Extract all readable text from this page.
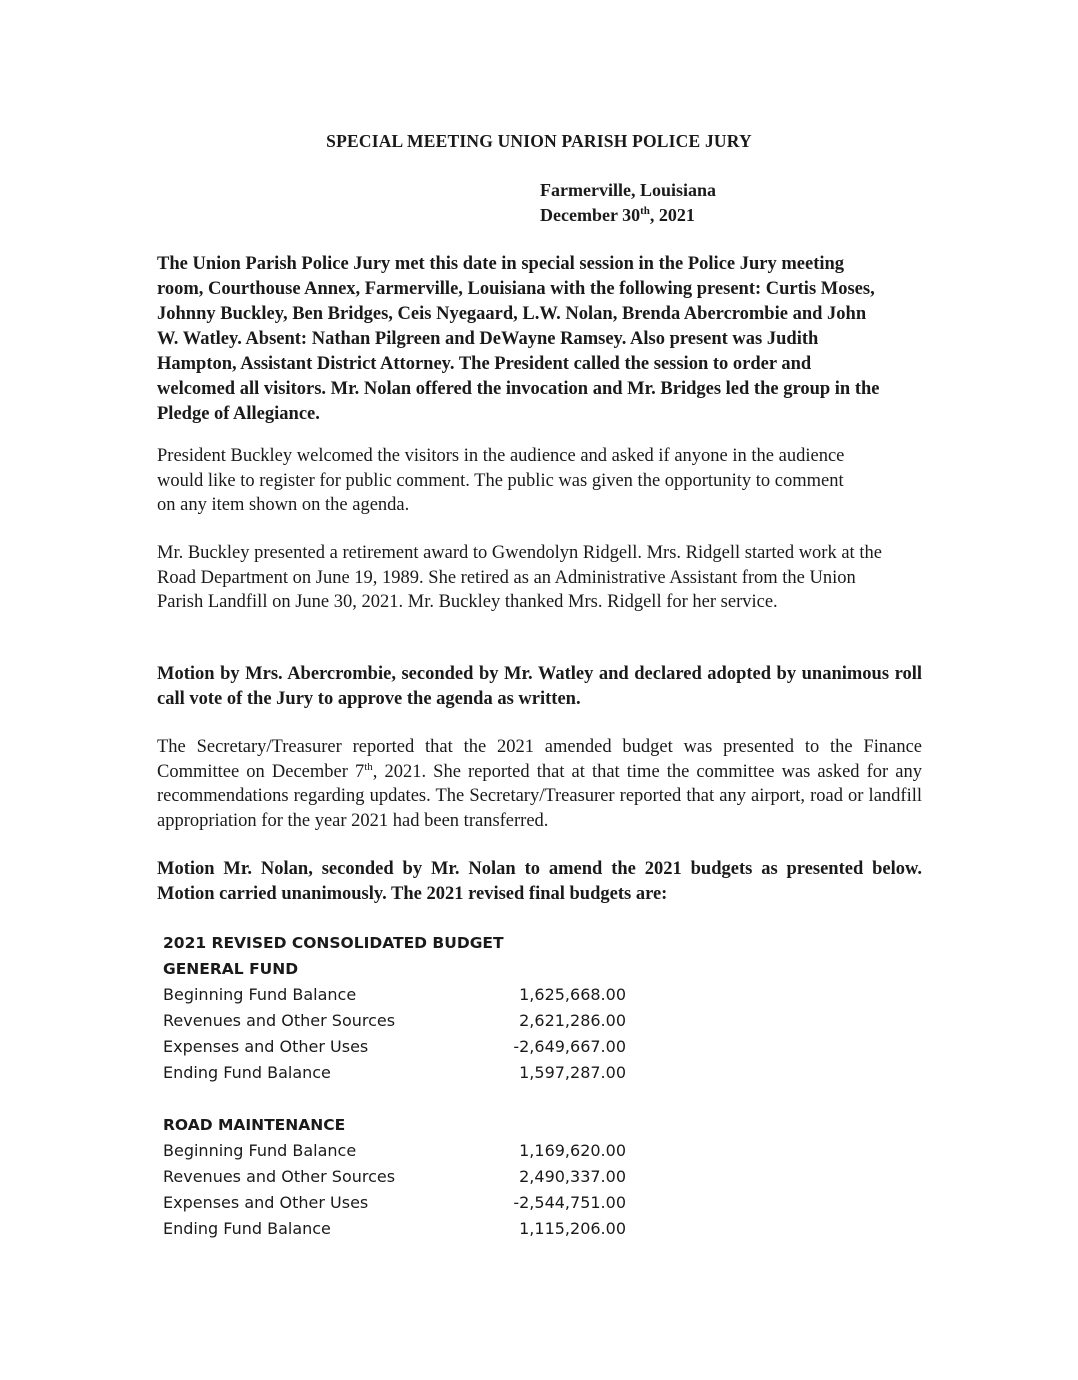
SPECIAL MEETING UNION PARISH POLICE JURY
Farmerville, Louisiana
December 30th, 2021

The Union Parish Police Jury met this date in special session in the Police Jury meeting room, Courthouse Annex, Farmerville, Louisiana with the following present: Curtis Moses, Johnny Buckley, Ben Bridges, Ceis Nyegaard, L.W. Nolan, Brenda Abercrombie and John W. Watley. Absent: Nathan Pilgreen and DeWayne Ramsey. Also present was Judith Hampton, Assistant District Attorney. The President called the session to order and welcomed all visitors. Mr. Nolan offered the invocation and Mr. Bridges led the group in the Pledge of Allegiance.

President Buckley welcomed the visitors in the audience and asked if anyone in the audience would like to register for public comment. The public was given the opportunity to comment on any item shown on the agenda.

Mr. Buckley presented a retirement award to Gwendolyn Ridgell. Mrs. Ridgell started work at the Road Department on June 19, 1989. She retired as an Administrative Assistant from the Union Parish Landfill on June 30, 2021. Mr. Buckley thanked Mrs. Ridgell for her service.

Motion by Mrs. Abercrombie, seconded by Mr. Watley and declared adopted by unanimous roll call vote of the Jury to approve the agenda as written.

The Secretary/Treasurer reported that the 2021 amended budget was presented to the Finance Committee on December 7th, 2021. She reported that at that time the committee was asked for any recommendations regarding updates. The Secretary/Treasurer reported that any airport, road or landfill appropriation for the year 2021 had been transferred.

Motion Mr. Nolan, seconded by Mr. Nolan to amend the 2021 budgets as presented below. Motion carried unanimously. The 2021 revised final budgets are:

2021 REVISED CONSOLIDATED BUDGET
GENERAL FUND
Beginning Fund Balance	1,625,668.00
Revenues and Other Sources	2,621,286.00
Expenses and Other Uses	-2,649,667.00
Ending Fund Balance	1,597,287.00
ROAD MAINTENANCE
Beginning Fund Balance	1,169,620.00
Revenues and Other Sources	2,490,337.00
Expenses and Other Uses	-2,544,751.00
Ending Fund Balance	1,115,206.00
